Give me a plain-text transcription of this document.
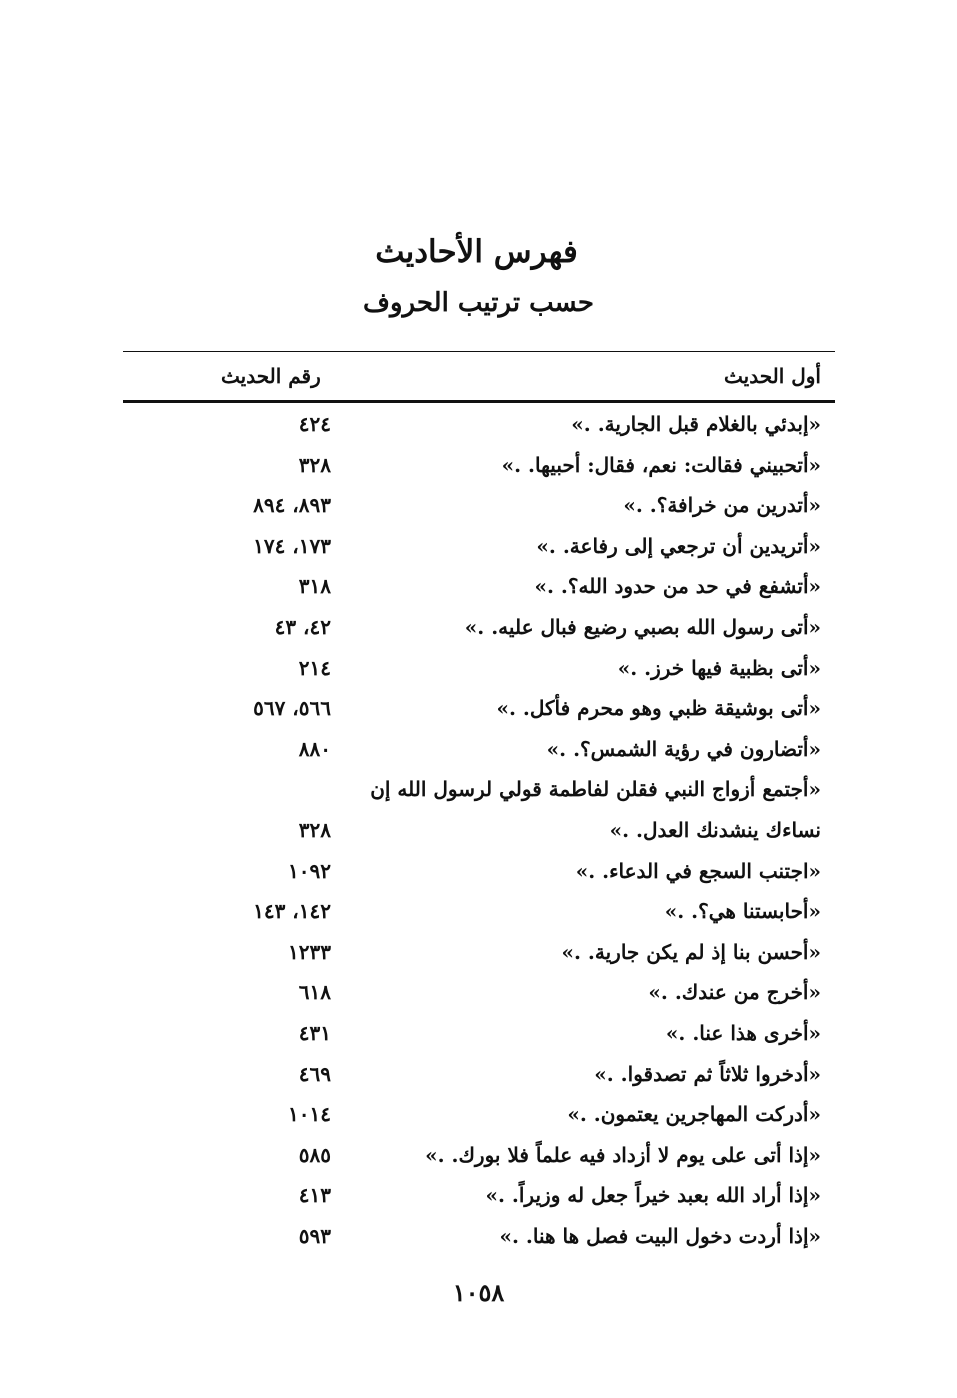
فهرس الأحاديث
حسب ترتيب الحروف
أول الحديث
رقم الحديث
«إبدئي بالغلام قبل الجارية. .»
٤٢٤
«أتحبيني فقالت: نعم، فقال: أحبيها. .»
٣٢٨
«أتدرين من خرافة؟. .»
٨٩٣، ٨٩٤
«أتريدين أن ترجعي إلى رفاعة. .»
١٧٣، ١٧٤
«أتشفع في حد من حدود الله؟. .»
٣١٨
«أتى رسول الله بصبي رضيع فبال عليه. .»
٤٢، ٤٣
«أتى بظبية فيها خرز. .»
٢١٤
«أتى بوشيقة ظبي وهو محرم فأكل. .»
٥٦٦، ٥٦٧
«أتضارون في رؤية الشمس؟. .»
٨٨٠
«أجتمع أزواج النبي فقلن لفاطمة قولي لرسول الله إن
نساءك ينشدنك العدل. .»
٣٢٨
«اجتنب السجع في الدعاء. .»
١٠٩٢
«أحابستنا هي؟. .»
١٤٢، ١٤٣
«أحسن بنا إذ لم يكن جارية. .»
١٢٣٣
«أخرج من عندك. .»
٦١٨
«أخرى هذا عنا. .»
٤٣١
«أدخروا ثلاثاً ثم تصدقوا. .»
٤٦٩
«أدركت المهاجرين يعتمون. .»
١٠١٤
«إذا أتى على يوم لا أزداد فيه علماً فلا بورك. .»
٥٨٥
«إذا أراد الله بعبد خيراً جعل له وزيراً. .»
٤١٣
«إذا أردت دخول البيت فصل ها هنا. .»
٥٩٣
١٠٥٨
